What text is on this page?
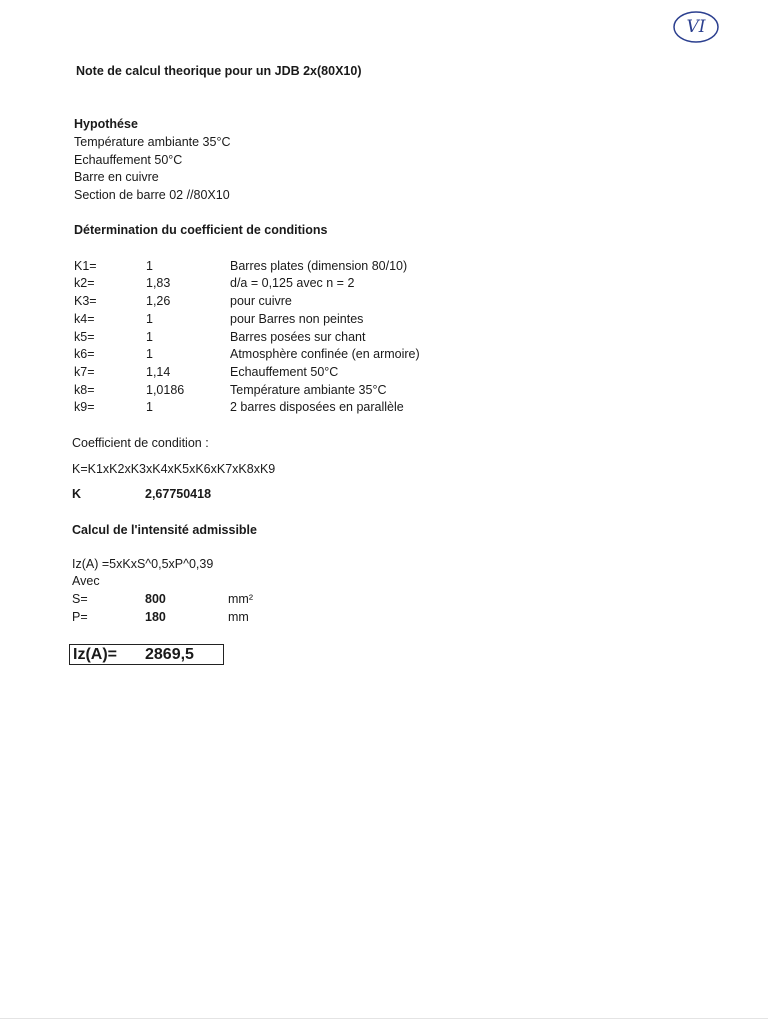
VI
Note de calcul theorique pour un JDB 2x(80X10)
Hypothése
Température ambiante 35°C
Echauffement 50°C
Barre en cuivre
Section de barre 02 //80X10
Détermination du coefficient de conditions
K1=	1	Barres plates (dimension 80/10)
k2=	1,83	d/a = 0,125 avec n = 2
K3=	1,26	pour cuivre
k4=	1	pour Barres non peintes
k5=	1	Barres posées sur chant
k6=	1	Atmosphère confinée (en armoire)
k7=	1,14	Echauffement 50°C
k8=	1,0186	Température ambiante 35°C
k9=	1	2 barres disposées en parallèle
Coefficient de condition :
K=K1xK2xK3xK4xK5xK6xK7xK8xK9
K	2,67750418
Calcul de l'intensité admissible
Iz(A) =5xKxS^0,5xP^0,39
Avec
S=	800	mm²
P=	180	mm
Iz(A)= 2869,5
